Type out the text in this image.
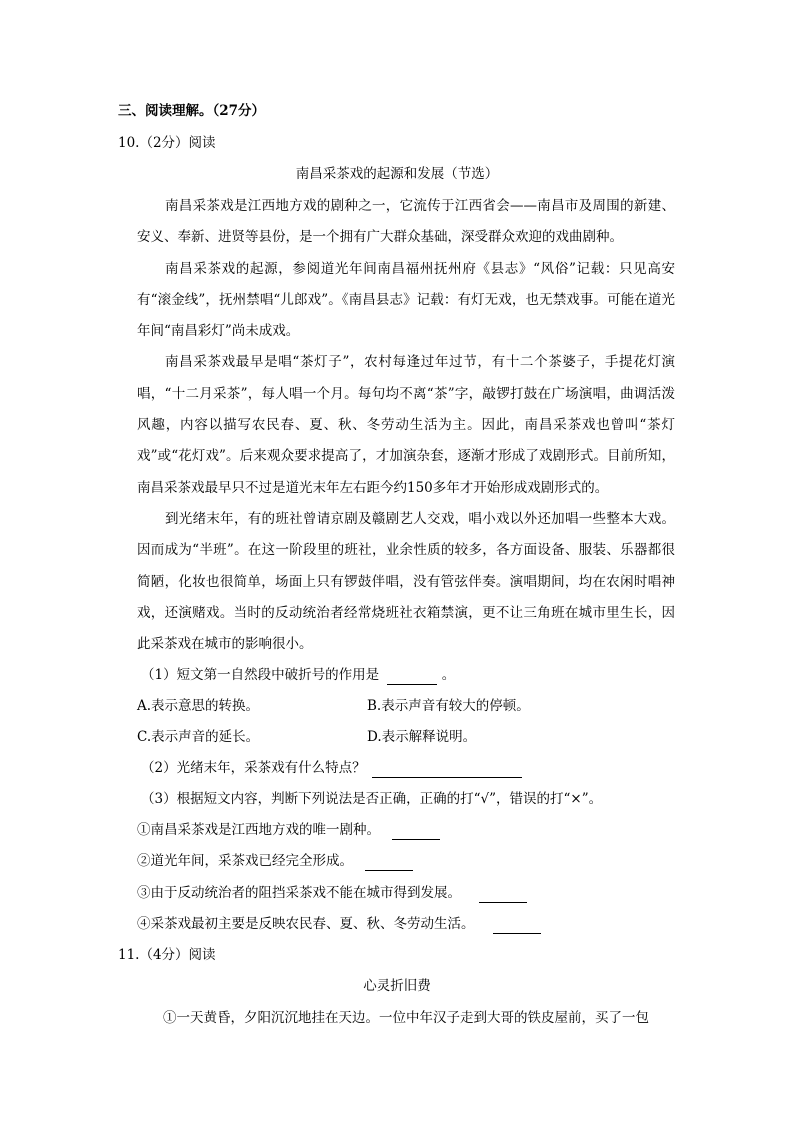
三、阅读理解。（27分）
10.（2分）阅读
南昌采茶戏的起源和发展（节选）

南昌采茶戏是江西地方戏的剧种之一，它流传于江西省会——南昌市及周围的新建、安义、奉新、进贤等县份，是一个拥有广大群众基础，深受群众欢迎的戏曲剧种。

南昌采茶戏的起源，参阅道光年间南昌福州抚州府《县志》“风俗”记载：只见高安有“滚金线”，抚州禁唱“儿郎戏”。《南昌县志》记载：有灯无戏，也无禁戏事。可能在道光年间“南昌彩灯”尚未成戏。

南昌采茶戏最早是唱“茶灯子”，农村每逢过年过节，有十二个茶婆子，手提花灯演唱，“十二月采茶”，每人唱一个月。每句均不离“茶”字，敲锣打鼓在广场演唱，曲调活泼风趣，内容以描写农民春、夏、秋、冬劳动生活为主。因此，南昌采茶戏也曾叫“茶灯戏”或“花灯戏”。后来观众要求提高了，才加演杂套，逐渐才形成了戏剧形式。目前所知，南昌采茶戏最早只不过是道光末年左右距今约150多年才开始形成戏剧形式的。

到光绪末年，有的班社曾请京剧及赣剧艺人交戏，唱小戏以外还加唱一些整本大戏。因而成为“半班”。在这一阶段里的班社，业余性质的较多，各方面设备、服装、乐器都很简陋，化妆也很简单，场面上只有锣鼓伴唱，没有管弦伴奏。演唱期间，均在农闲时唱神戏，还演赌戏。当时的反动统治者经常烧班社衣箱禁演，更不让三角班在城市里生长，因此采茶戏在城市的影响很小。

（1）短文第一自然段中破折号的作用是	。
A.表示意思的转换。	B.表示声音有较大的停顿。
C.表示声音的延长。	D.表示解释说明。
（2）光绪末年，采茶戏有什么特点？
（3）根据短文内容，判断下列说法是否正确，正确的打“√”，错误的打“×”。
①南昌采茶戏是江西地方戏的唯一剧种。
②道光年间，采茶戏已经完全形成。
③由于反动统治者的阻挡采茶戏不能在城市得到发展。
④采茶戏最初主要是反映农民春、夏、秋、冬劳动生活。
11.（4分）阅读
心灵折旧费
①一天黄昏，夕阳沉沉地挂在天边。一位中年汉子走到大哥的铁皮屋前，买了一包
